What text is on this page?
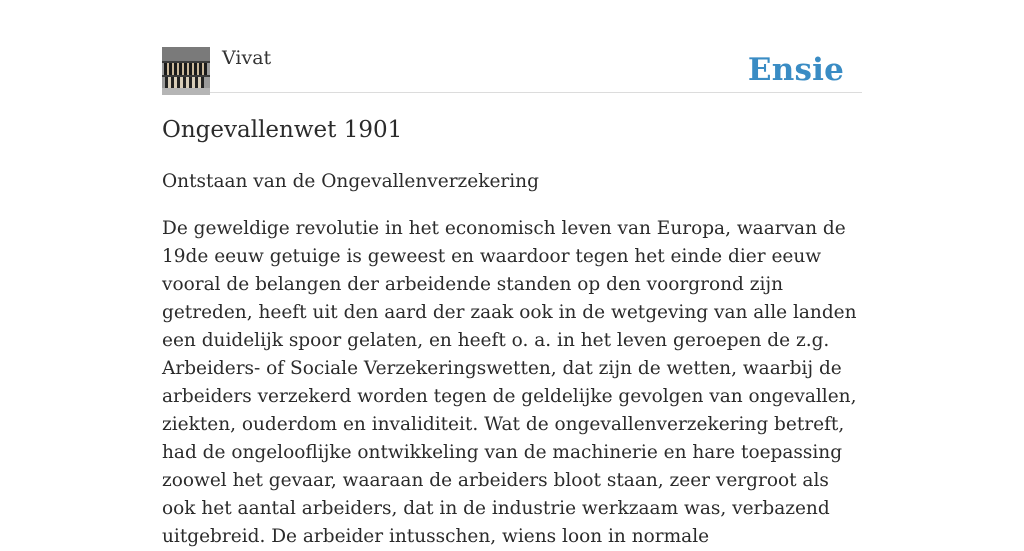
Vivat	Ensie
Ongevallenwet 1901

Ontstaan van de Ongevallenverzekering

De geweldige revolutie in het economisch leven van Europa, waarvan de 19de eeuw getuige is geweest en waardoor tegen het einde dier eeuw vooral de belangen der arbeidende standen op den voorgrond zijn getreden, heeft uit den aard der zaak ook in de wetgeving van alle landen een duidelijk spoor gelaten, en heeft o. a. in het leven geroepen de z.g. Arbeiders- of Sociale Verzekeringswetten, dat zijn de wetten, waarbij de arbeiders verzekerd worden tegen de geldelijke gevolgen van ongevallen, ziekten, ouderdom en invaliditeit. Wat de ongevallenverzekering betreft, had de ongelooflijke ontwikkeling van de machinerie en hare toepassing zoowel het gevaar, waaraan de arbeiders bloot staan, zeer vergroot als ook het aantal arbeiders, dat in de industrie werkzaam was, verbazend uitgebreid. De arbeider intusschen, wiens loon in normale
